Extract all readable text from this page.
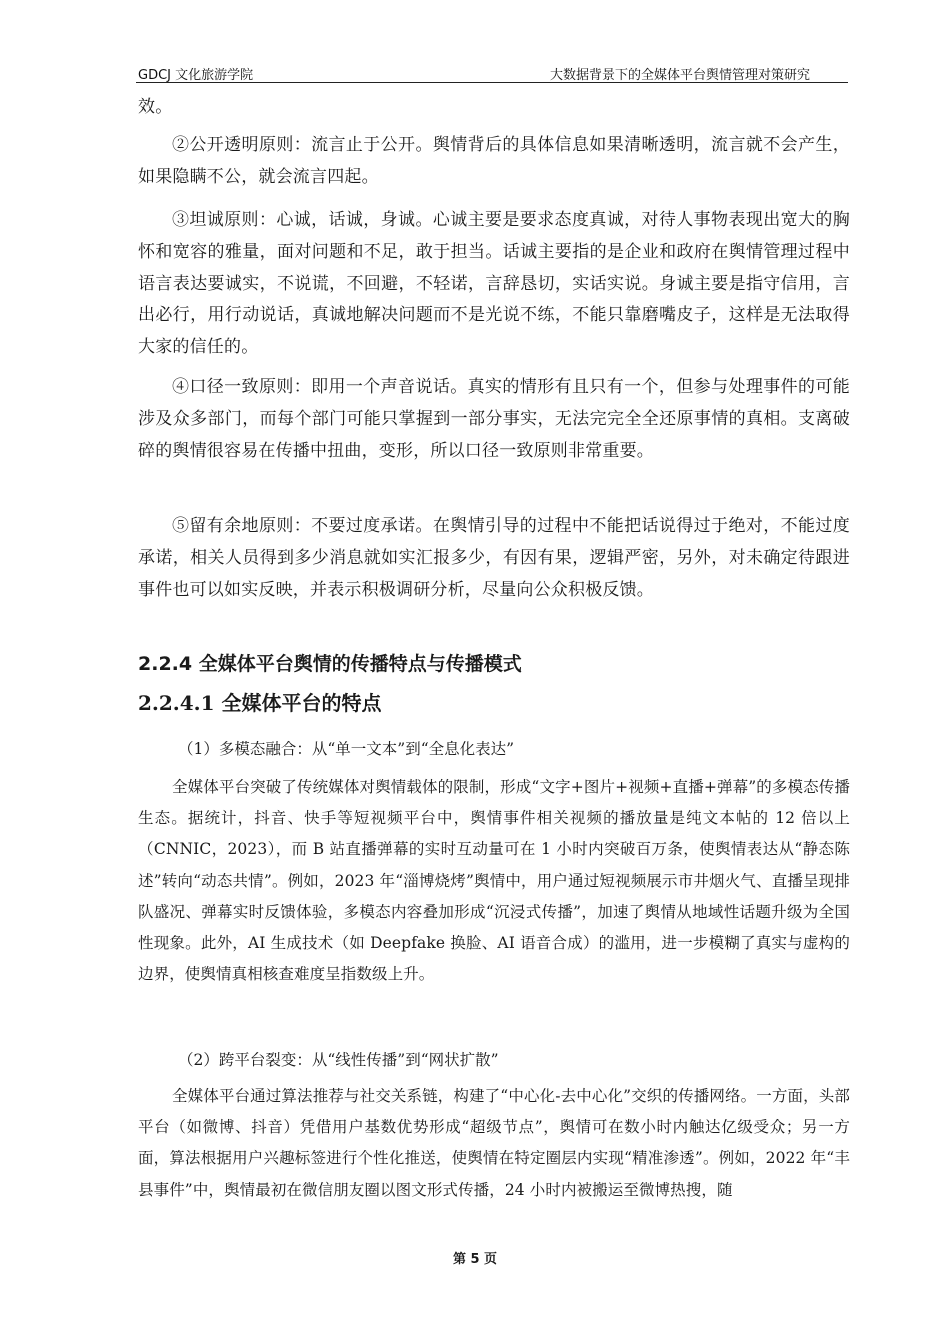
GDCJ 文化旅游学院	大数据背景下的全媒体平台舆情管理对策研究

效。

②公开透明原则：流言止于公开。舆情背后的具体信息如果清晰透明，流言就不会产生，如果隐瞒不公，就会流言四起。

③坦诚原则：心诚，话诚，身诚。心诚主要是要求态度真诚，对待人事物表现出宽大的胸怀和宽容的雅量，面对问题和不足，敢于担当。话诚主要指的是企业和政府在舆情管理过程中语言表达要诚实，不说谎，不回避，不轻诺，言辞恳切，实话实说。身诚主要是指守信用，言出必行，用行动说话，真诚地解决问题而不是光说不练，不能只靠磨嘴皮子，这样是无法取得大家的信任的。

④口径一致原则：即用一个声音说话。真实的情形有且只有一个，但参与处理事件的可能涉及众多部门，而每个部门可能只掌握到一部分事实，无法完完全全还原事情的真相。支离破碎的舆情很容易在传播中扭曲，变形，所以口径一致原则非常重要。

⑤留有余地原则：不要过度承诺。在舆情引导的过程中不能把话说得过于绝对，不能过度承诺，相关人员得到多少消息就如实汇报多少，有因有果，逻辑严密，另外，对未确定待跟进事件也可以如实反映，并表示积极调研分析，尽量向公众积极反馈。

2.2.4 全媒体平台舆情的传播特点与传播模式
2.2.4.1 全媒体平台的特点

（1）多模态融合：从“单一文本”到“全息化表达”

全媒体平台突破了传统媒体对舆情载体的限制，形成“文字+图片+视频+直播+弹幕”的多模态传播生态。据统计，抖音、快手等短视频平台中，舆情事件相关视频的播放量是纯文本帖的 12 倍以上（CNNIC，2023），而 B 站直播弹幕的实时互动量可在 1 小时内突破百万条，使舆情表达从“静态陈述”转向“动态共情”。例如，2023 年“淄博烧烤”舆情中，用户通过短视频展示市井烟火气、直播呈现排队盛况、弹幕实时反馈体验，多模态内容叠加形成“沉浸式传播”，加速了舆情从地域性话题升级为全国性现象。此外，AI 生成技术（如 Deepfake 换脸、AI 语音合成）的滥用，进一步模糊了真实与虚构的边界，使舆情真相核查难度呈指数级上升。

（2）跨平台裂变：从“线性传播”到“网状扩散”

全媒体平台通过算法推荐与社交关系链，构建了“中心化-去中心化”交织的传播网络。一方面，头部平台（如微博、抖音）凭借用户基数优势形成“超级节点”，舆情可在数小时内触达亿级受众；另一方面，算法根据用户兴趣标签进行个性化推送，使舆情在特定圈层内实现“精准渗透”。例如，2022 年“丰县事件”中，舆情最初在微信朋友圈以图文形式传播，24 小时内被搬运至微博热搜，随

第 5 页
